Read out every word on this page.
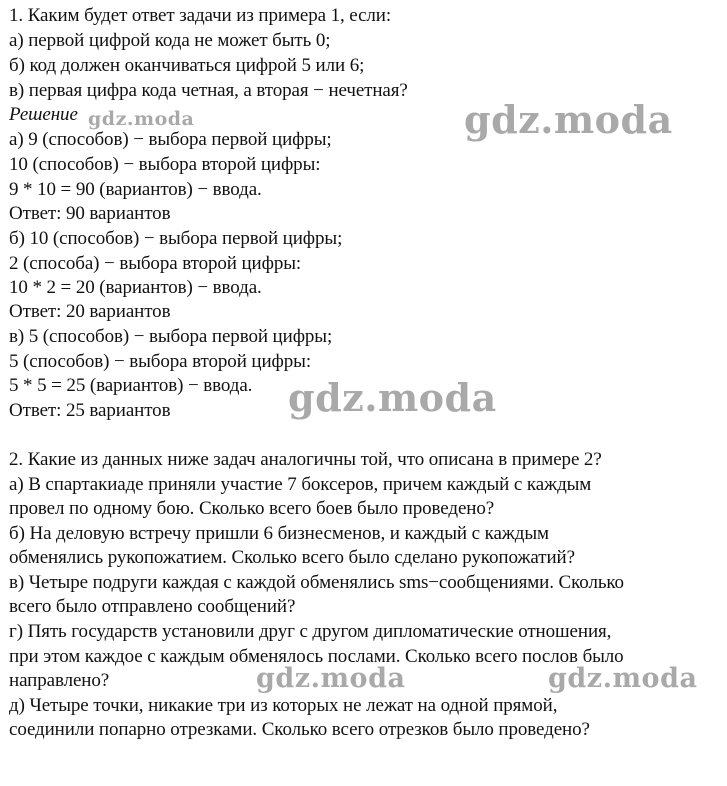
1. Каким будет ответ задачи из примера 1, если:
а) первой цифрой кода не может быть 0;
б) код должен оканчиваться цифрой 5 или 6;
в) первая цифра кода четная, а вторая − нечетная?
Решение
а) 9 (способов) − выбора первой цифры;
10 (способов) − выбора второй цифры:
9 * 10 = 90 (вариантов) − ввода.
Ответ: 90 вариантов
б) 10 (способов) − выбора первой цифры;
2 (способа) − выбора второй цифры:
10 * 2 = 20 (вариантов) − ввода.
Ответ: 20 вариантов
в) 5 (способов) − выбора первой цифры;
5 (способов) − выбора второй цифры:
5 * 5 = 25 (вариантов) − ввода.
Ответ: 25 вариантов
2. Какие из данных ниже задач аналогичны той, что описана в примере 2?
а) В спартакиаде приняли участие 7 боксеров, причем каждый с каждым
провел по одному бою. Сколько всего боев было проведено?
б) На деловую встречу пришли 6 бизнесменов, и каждый с каждым
обменялись рукопожатием. Сколько всего было сделано рукопожатий?
в) Четыре подруги каждая с каждой обменялись sms−сообщениями. Сколько
всего было отправлено сообщений?
г) Пять государств установили друг с другом дипломатические отношения,
при этом каждое с каждым обменялось послами. Сколько всего послов было
направлено?
д) Четыре точки, никакие три из которых не лежат на одной прямой,
соединили попарно отрезками. Сколько всего отрезков было проведено?
gdz.moda	gdz.moda
gdz.moda
gdz.moda	gdz.moda
